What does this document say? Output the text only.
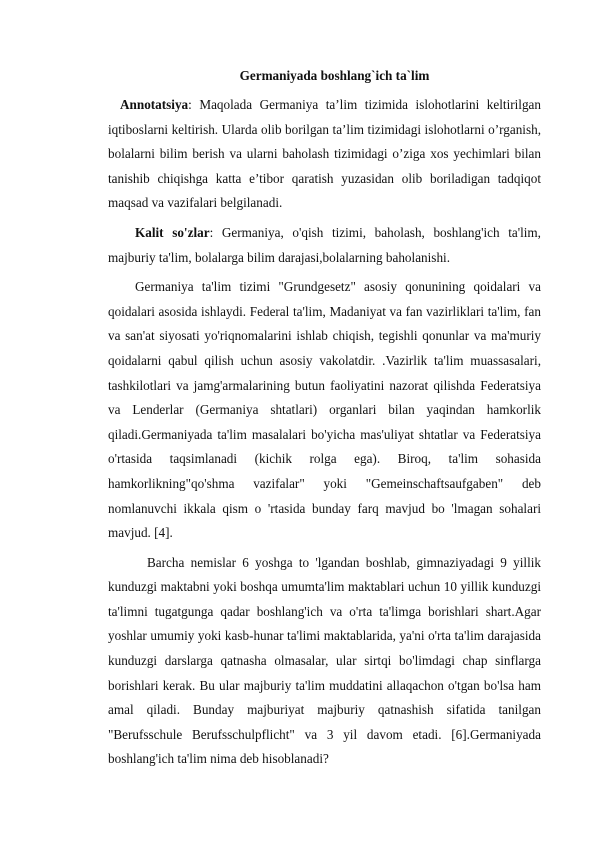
Germaniyada boshlang`ich ta`lim

Annotatsiya: Maqolada Germaniya ta’lim tizimida islohotlarini keltirilgan iqtiboslarni keltirish. Ularda olib borilgan ta’lim tizimidagi islohotlarni o’rganish, bolalarni bilim berish va ularni baholash tizimidagi o’ziga xos yechimlari bilan tanishib chiqishga katta e’tibor qaratish yuzasidan olib boriladigan tadqiqot maqsad va vazifalari belgilanadi.

Kalit so'zlar: Germaniya, o'qish tizimi, baholash, boshlang'ich ta'lim, majburiy ta'lim, bolalarga bilim darajasi,bolalarning baholanishi.

Germaniya ta'lim tizimi "Grundgesetz" asosiy qonunining qoidalari va qoidalari asosida ishlaydi. Federal ta'lim, Madaniyat va fan vazirliklari ta'lim, fan va san'at siyosati yo'riqnomalarini ishlab chiqish, tegishli qonunlar va ma'muriy qoidalarni qabul qilish uchun asosiy vakolatdir. .Vazirlik ta'lim muassasalari, tashkilotlari va jamg'armalarining butun faoliyatini nazorat qilishda Federatsiya va Lenderlar (Germaniya shtatlari) organlari bilan yaqindan hamkorlik qiladi.Germaniyada ta'lim masalalari bo'yicha mas'uliyat shtatlar va Federatsiya o'rtasida taqsimlanadi (kichik rolga ega). Biroq, ta'lim sohasida hamkorlikning"qo'shma vazifalar" yoki "Gemeinschaftsaufgaben" deb nomlanuvchi ikkala qism o 'rtasida bunday farq mavjud bo 'lmagan sohalari mavjud. [4].

Barcha nemislar 6 yoshga to 'lgandan boshlab, gimnaziyadagi 9 yillik kunduzgi maktabni yoki boshqa umumta'lim maktablari uchun 10 yillik kunduzgi ta'limni tugatgunga qadar boshlang'ich va o'rta ta'limga borishlari shart.Agar yoshlar umumiy yoki kasb-hunar ta'limi maktablarida, ya'ni o'rta ta'lim darajasida kunduzgi darslarga qatnasha olmasalar, ular sirtqi bo'limdagi chap sinflarga borishlari kerak. Bu ular majburiy ta'lim muddatini allaqachon o'tgan bo'lsa ham amal qiladi. Bunday majburiyat majburiy qatnashish sifatida tanilgan "Berufsschule Berufsschulpflicht" va 3 yil davom etadi. [6].Germaniyada boshlang'ich ta'lim nima deb hisoblanadi?
